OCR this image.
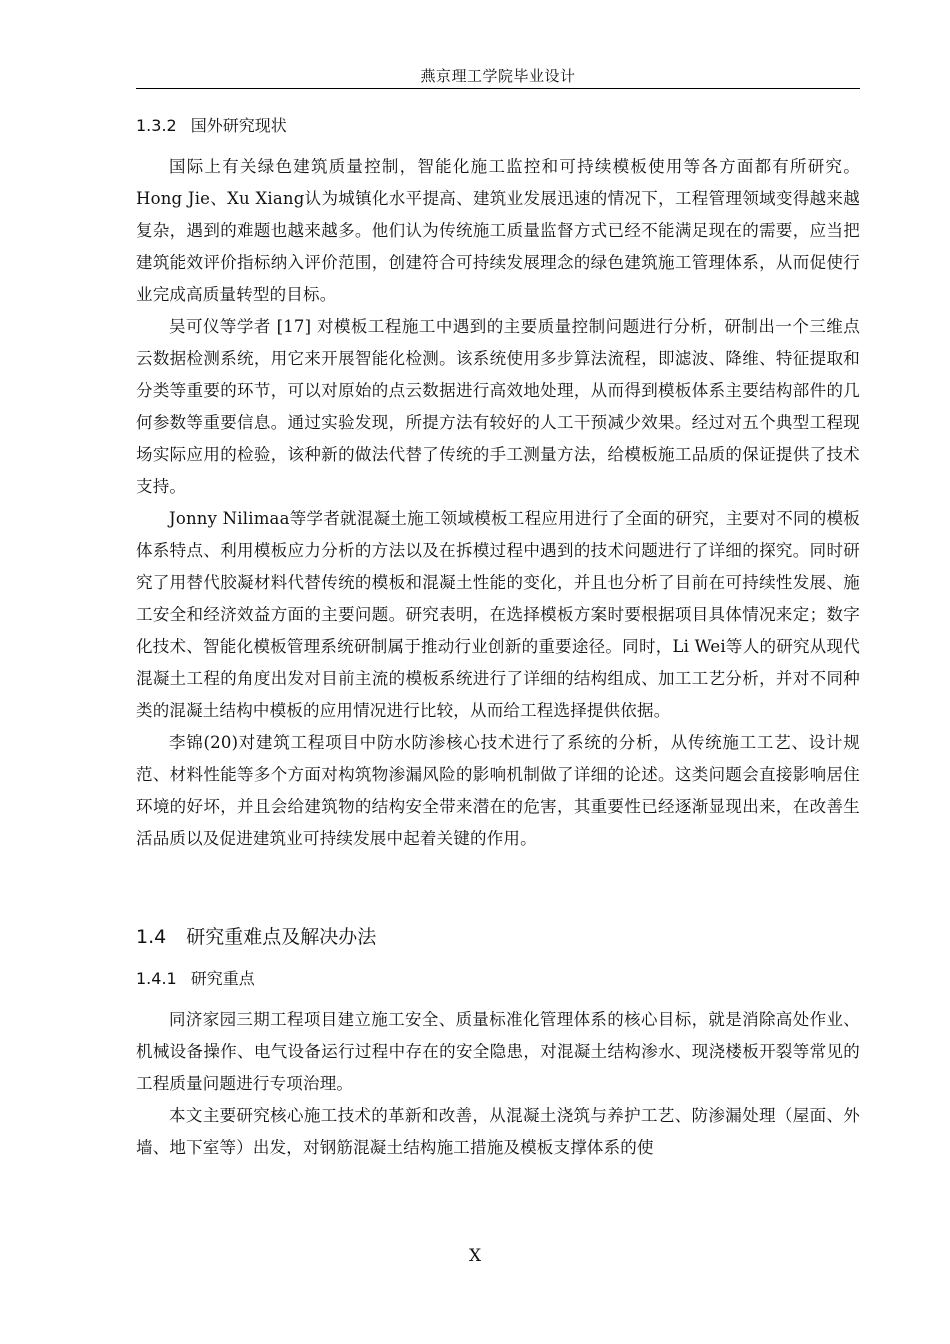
燕京理工学院毕业设计
1.3.2 国外研究现状

国际上有关绿色建筑质量控制，智能化施工监控和可持续模板使用等各方面都有所研究。Hong Jie、Xu Xiang认为城镇化水平提高、建筑业发展迅速的情况下，工程管理领域变得越来越复杂，遇到的难题也越来越多。他们认为传统施工质量监督方式已经不能满足现在的需要，应当把建筑能效评价指标纳入评价范围，创建符合可持续发展理念的绿色建筑施工管理体系，从而促使行业完成高质量转型的目标。

吴可仪等学者 [17] 对模板工程施工中遇到的主要质量控制问题进行分析，研制出一个三维点云数据检测系统，用它来开展智能化检测。该系统使用多步算法流程，即滤波、降维、特征提取和分类等重要的环节，可以对原始的点云数据进行高效地处理，从而得到模板体系主要结构部件的几何参数等重要信息。通过实验发现，所提方法有较好的人工干预减少效果。经过对五个典型工程现场实际应用的检验，该种新的做法代替了传统的手工测量方法，给模板施工品质的保证提供了技术支持。

Jonny Nilimaa等学者就混凝土施工领域模板工程应用进行了全面的研究，主要对不同的模板体系特点、利用模板应力分析的方法以及在拆模过程中遇到的技术问题进行了详细的探究。同时研究了用替代胶凝材料代替传统的模板和混凝土性能的变化，并且也分析了目前在可持续性发展、施工安全和经济效益方面的主要问题。研究表明，在选择模板方案时要根据项目具体情况来定；数字化技术、智能化模板管理系统研制属于推动行业创新的重要途径。同时，Li Wei等人的研究从现代混凝土工程的角度出发对目前主流的模板系统进行了详细的结构组成、加工工艺分析，并对不同种类的混凝土结构中模板的应用情况进行比较，从而给工程选择提供依据。

李锦(20)对建筑工程项目中防水防渗核心技术进行了系统的分析，从传统施工工艺、设计规范、材料性能等多个方面对构筑物渗漏风险的影响机制做了详细的论述。这类问题会直接影响居住环境的好坏，并且会给建筑物的结构安全带来潜在的危害，其重要性已经逐渐显现出来，在改善生活品质以及促进建筑业可持续发展中起着关键的作用。

1.4 研究重难点及解决办法
1.4.1 研究重点

同济家园三期工程项目建立施工安全、质量标准化管理体系的核心目标，就是消除高处作业、机械设备操作、电气设备运行过程中存在的安全隐患，对混凝土结构渗水、现浇楼板开裂等常见的工程质量问题进行专项治理。

本文主要研究核心施工技术的革新和改善，从混凝土浇筑与养护工艺、防渗漏处理（屋面、外墙、地下室等）出发，对钢筋混凝土结构施工措施及模板支撑体系的使

X
